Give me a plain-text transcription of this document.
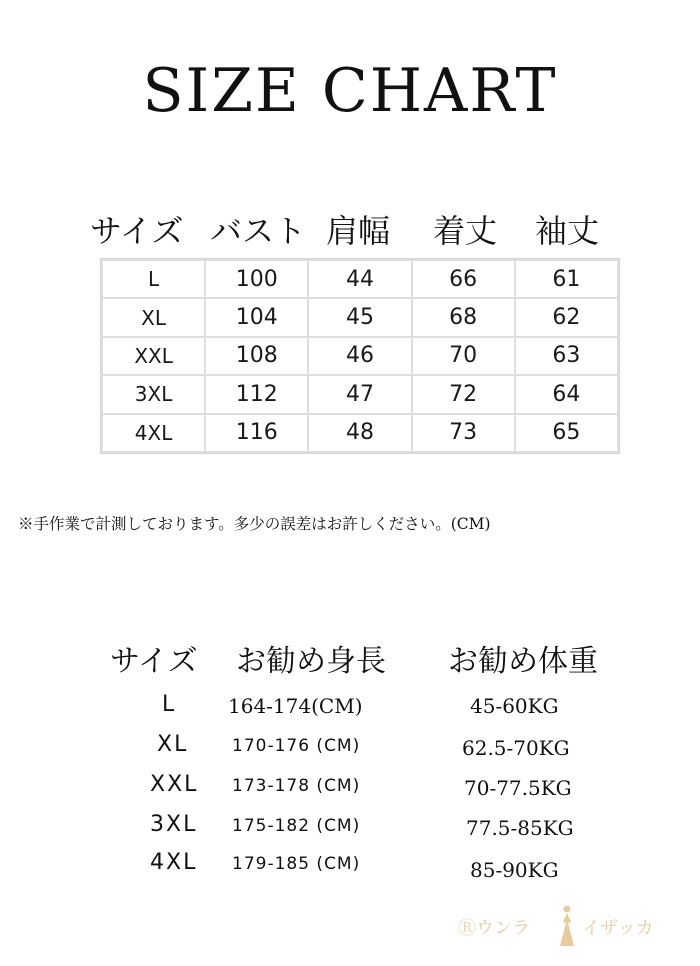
SIZE CHART
サイズ バスト 肩幅 着丈 袖丈
L	100	44	66	61
XL	104	45	68	62
XXL	108	46	70	63
3XL	112	47	72	64
4XL	116	48	73	65
※手作業で計測しております。多少の誤差はお許しください。(CM)
サイズ お勧め身長 お勧め体重
L	164-174(CM)	45-60KG
XL	170-176 (CM)	62.5-70KG
XXL 173-178 (CM)	70-77.5KG
3XL 175-182 (CM)	77.5-85KG
4XL 179-185 (CM)	85-90KG
Ⓡウンラ	イザッカ
